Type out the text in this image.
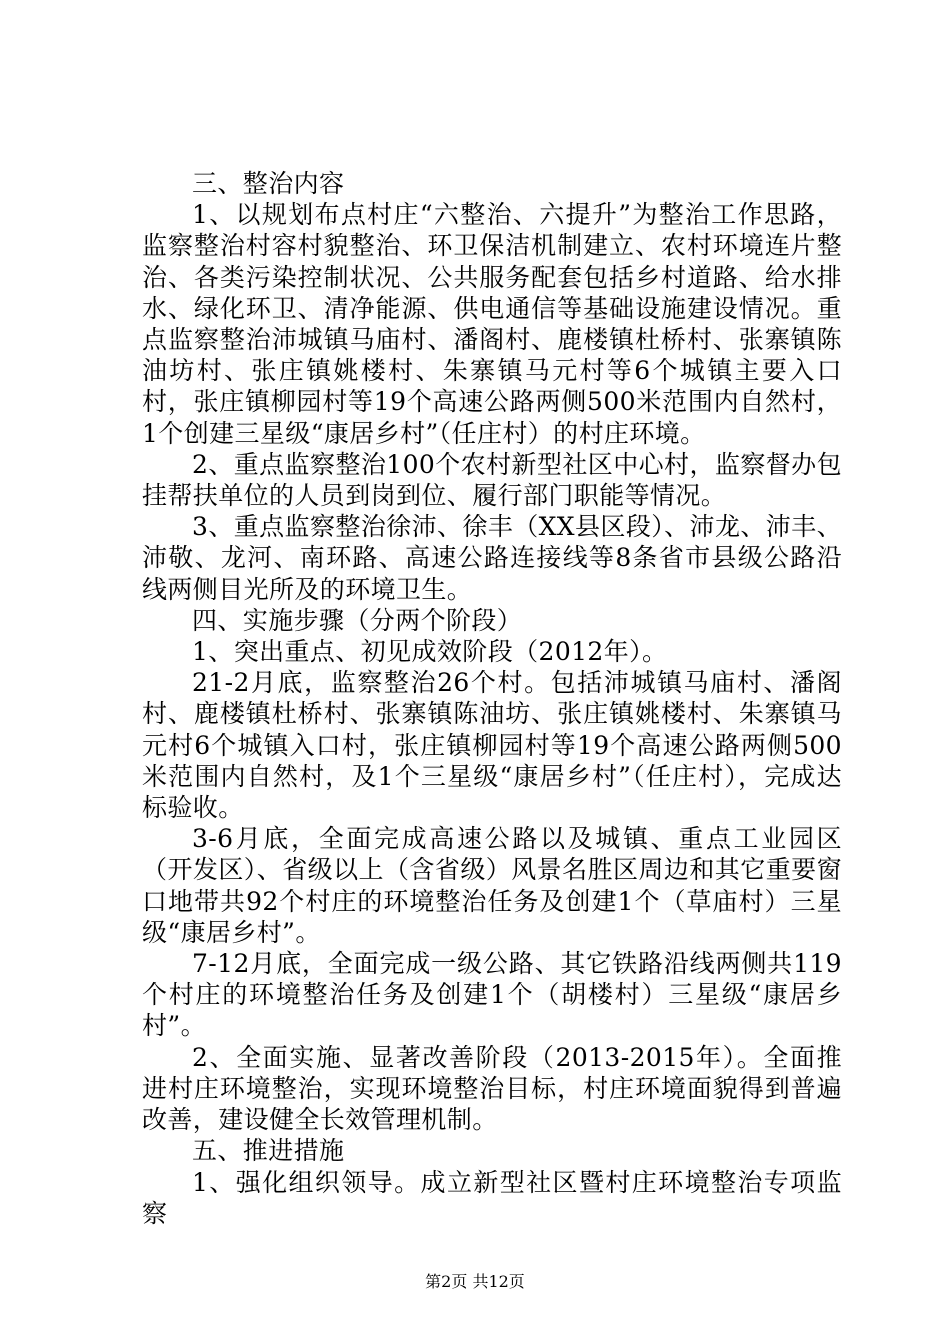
三、整治内容

1、以规划布点村庄“六整治、六提升”为整治工作思路，监察整治村容村貌整治、环卫保洁机制建立、农村环境连片整治、各类污染控制状况、公共服务配套包括乡村道路、给水排水、绿化环卫、清净能源、供电通信等基础设施建设情况。重点监察整治沛城镇马庙村、潘阁村、鹿楼镇杜桥村、张寨镇陈油坊村、张庄镇姚楼村、朱寨镇马元村等6个城镇主要入口村，张庄镇柳园村等19个高速公路两侧500米范围内自然村，1个创建三星级“康居乡村”（任庄村）的村庄环境。

2、重点监察整治100个农村新型社区中心村，监察督办包挂帮扶单位的人员到岗到位、履行部门职能等情况。

3、重点监察整治徐沛、徐丰（XX县区段）、沛龙、沛丰、沛敬、龙河、南环路、高速公路连接线等8条省市县级公路沿线两侧目光所及的环境卫生。

四、实施步骤（分两个阶段）

1、突出重点、初见成效阶段（2012年）。

21-2月底，监察整治26个村。包括沛城镇马庙村、潘阁村、鹿楼镇杜桥村、张寨镇陈油坊、张庄镇姚楼村、朱寨镇马元村6个城镇入口村，张庄镇柳园村等19个高速公路两侧500米范围内自然村，及1个三星级“康居乡村”（任庄村），完成达标验收。

3-6月底，全面完成高速公路以及城镇、重点工业园区（开发区）、省级以上（含省级）风景名胜区周边和其它重要窗口地带共92个村庄的环境整治任务及创建1个（草庙村）三星级“康居乡村”。

7-12月底，全面完成一级公路、其它铁路沿线两侧共119个村庄的环境整治任务及创建1个（胡楼村）三星级“康居乡村”。

2、全面实施、显著改善阶段（2013-2015年）。全面推进村庄环境整治，实现环境整治目标，村庄环境面貌得到普遍改善，建设健全长效管理机制。

五、推进措施

1、强化组织领导。成立新型社区暨村庄环境整治专项监察

第2页 共12页
